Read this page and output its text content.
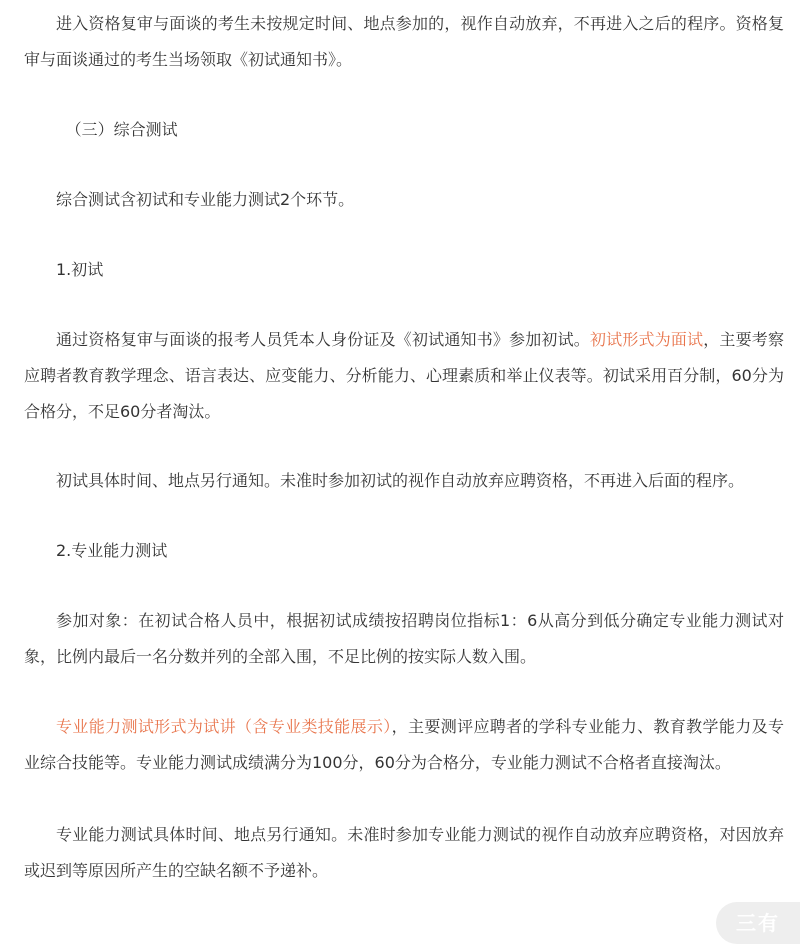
进入资格复审与面谈的考生未按规定时间、地点参加的，视作自动放弃，不再进入之后的程序。资格复审与面谈通过的考生当场领取《初试通知书》。

（三）综合测试

综合测试含初试和专业能力测试2个环节。

1.初试

通过资格复审与面谈的报考人员凭本人身份证及《初试通知书》参加初试。初试形式为面试，主要考察应聘者教育教学理念、语言表达、应变能力、分析能力、心理素质和举止仪表等。初试采用百分制，60分为合格分，不足60分者淘汰。

初试具体时间、地点另行通知。未准时参加初试的视作自动放弃应聘资格，不再进入后面的程序。

2.专业能力测试

参加对象：在初试合格人员中，根据初试成绩按招聘岗位指标1：6从高分到低分确定专业能力测试对象，比例内最后一名分数并列的全部入围，不足比例的按实际人数入围。

专业能力测试形式为试讲（含专业类技能展示），主要测评应聘者的学科专业能力、教育教学能力及专业综合技能等。专业能力测试成绩满分为100分，60分为合格分，专业能力测试不合格者直接淘汰。

专业能力测试具体时间、地点另行通知。未准时参加专业能力测试的视作自动放弃应聘资格，对因放弃或迟到等原因所产生的空缺名额不予递补。

三有
